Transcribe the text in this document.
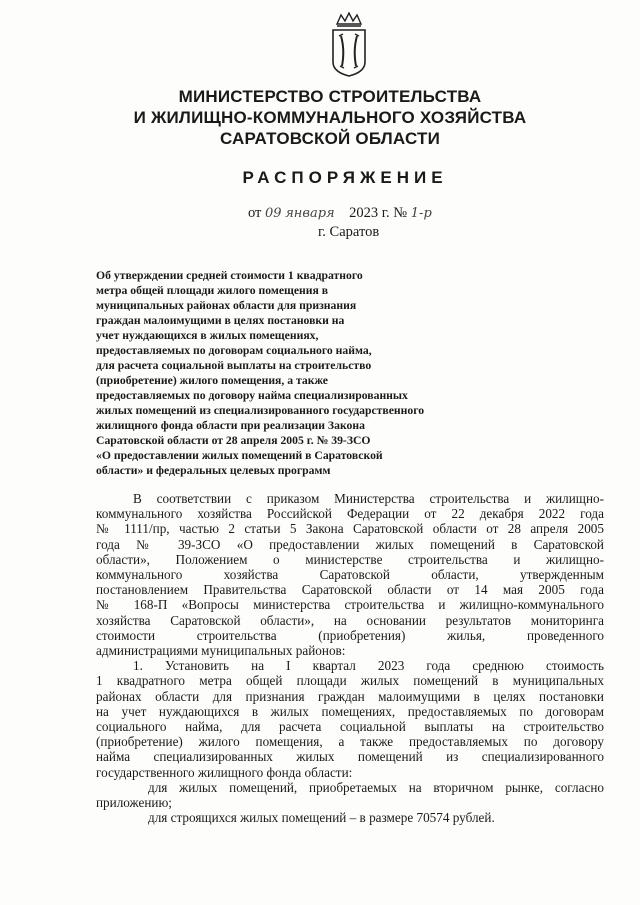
МИНИСТЕРСТВО СТРОИТЕЛЬСТВА
И ЖИЛИЩНО-КОММУНАЛЬНОГО ХОЗЯЙСТВА
САРАТОВСКОЙ ОБЛАСТИ
РАСПОРЯЖЕНИЕ
от 09 января 2023 г. № 1-р
г. Саратов
Об утверждении средней стоимости 1 квадратного
метра общей площади жилого помещения в
муниципальных районах области для признания
граждан малоимущими в целях постановки на
учет нуждающихся в жилых помещениях,
предоставляемых по договорам социального найма,
для расчета социальной выплаты на строительство
(приобретение) жилого помещения, а также
предоставляемых по договору найма специализированных
жилых помещений из специализированного государственного
жилищного фонда области при реализации Закона
Саратовской области от 28 апреля 2005 г. № 39-ЗСО
«О предоставлении жилых помещений в Саратовской
области» и федеральных целевых программ
В соответствии с приказом Министерства строительства и жилищно-
коммунального хозяйства Российской Федерации от 22 декабря 2022 года
№ 1111/пр, частью 2 статьи 5 Закона Саратовской области от 28 апреля 2005
года № 39-ЗСО «О предоставлении жилых помещений в Саратовской
области», Положением о министерстве строительства и жилищно-
коммунального хозяйства Саратовской области, утвержденным
постановлением Правительства Саратовской области от 14 мая 2005 года
№ 168-П «Вопросы министерства строительства и жилищно-коммунального
хозяйства Саратовской области», на основании результатов мониторинга
стоимости строительства (приобретения) жилья, проведенного
администрациями муниципальных районов:
1. Установить на I квартал 2023 года среднюю стоимость
1 квадратного метра общей площади жилых помещений в муниципальных
районах области для признания граждан малоимущими в целях постановки
на учет нуждающихся в жилых помещениях, предоставляемых по договорам
социального найма, для расчета социальной выплаты на строительство
(приобретение) жилого помещения, а также предоставляемых по договору
найма специализированных жилых помещений из специализированного
государственного жилищного фонда области:
для жилых помещений, приобретаемых на вторичном рынке, согласно
приложению;
для строящихся жилых помещений – в размере 70574 рублей.
